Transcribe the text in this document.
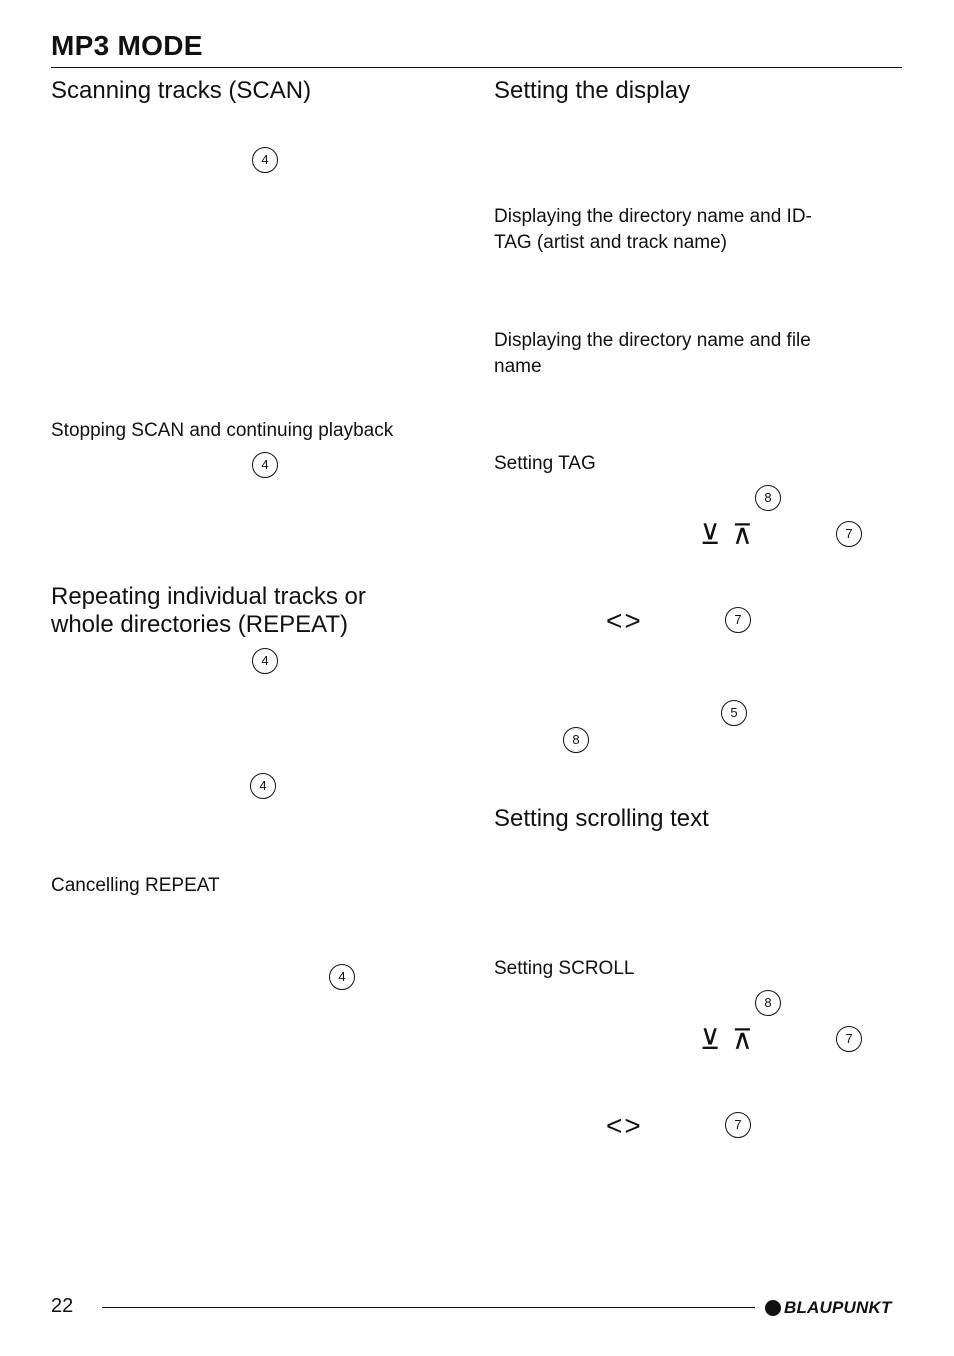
MP3 MODE
Scanning tracks (SCAN)
4
Stopping SCAN and continuing playback
4
Repeating individual tracks or
whole directories (REPEAT)
4
4
Cancelling REPEAT
4
Setting the display
Displaying the directory name and ID-
TAG (artist and track name)
Displaying the directory name and file
name
Setting TAG
8
⊻ ⊼	7
<>	7
5
8
Setting scrolling text
Setting SCROLL
8
⊻ ⊼	7
<>	7
22	BLAUPUNKT
